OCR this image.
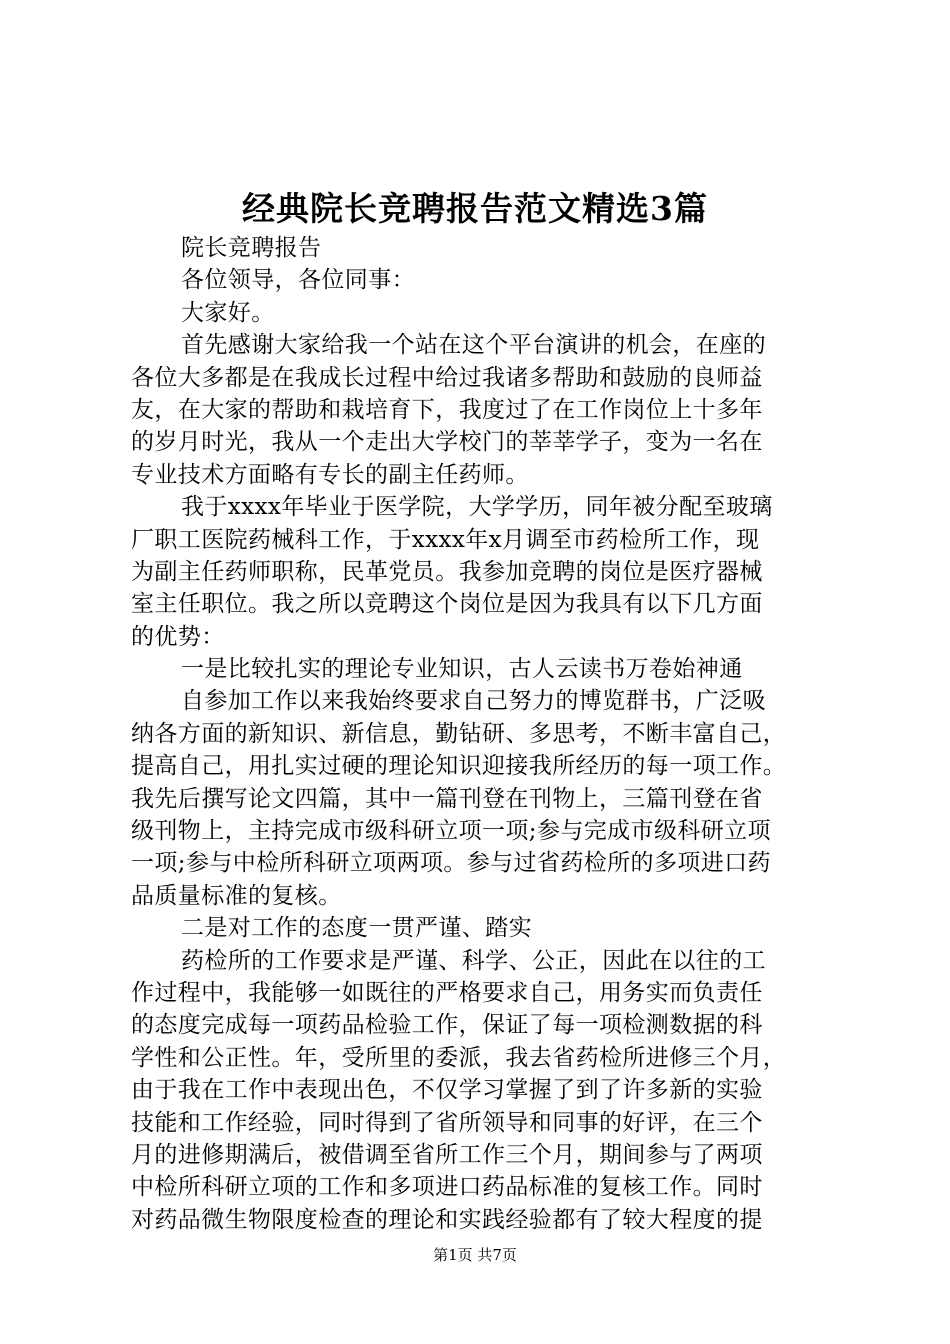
经典院长竞聘报告范文精选3篇
院长竞聘报告
各位领导，各位同事：
大家好。
首先感谢大家给我一个站在这个平台演讲的机会，在座的
各位大多都是在我成长过程中给过我诸多帮助和鼓励的良师益
友，在大家的帮助和栽培育下，我度过了在工作岗位上十多年
的岁月时光，我从一个走出大学校门的莘莘学子，变为一名在
专业技术方面略有专长的副主任药师。
我于xxxx年毕业于医学院，大学学历，同年被分配至玻璃
厂职工医院药械科工作，于xxxx年x月调至市药检所工作，现
为副主任药师职称，民革党员。我参加竞聘的岗位是医疗器械
室主任职位。我之所以竞聘这个岗位是因为我具有以下几方面
的优势：
一是比较扎实的理论专业知识，古人云读书万卷始神通
自参加工作以来我始终要求自己努力的博览群书，广泛吸
纳各方面的新知识、新信息，勤钻研、多思考，不断丰富自己，
提高自己，用扎实过硬的理论知识迎接我所经历的每一项工作。
我先后撰写论文四篇，其中一篇刊登在刊物上，三篇刊登在省
级刊物上，主持完成市级科研立项一项;参与完成市级科研立项
一项;参与中检所科研立项两项。参与过省药检所的多项进口药
品质量标准的复核。
二是对工作的态度一贯严谨、踏实
药检所的工作要求是严谨、科学、公正，因此在以往的工
作过程中，我能够一如既往的严格要求自己，用务实而负责任
的态度完成每一项药品检验工作，保证了每一项检测数据的科
学性和公正性。年，受所里的委派，我去省药检所进修三个月，
由于我在工作中表现出色，不仅学习掌握了到了许多新的实验
技能和工作经验，同时得到了省所领导和同事的好评，在三个
月的进修期满后，被借调至省所工作三个月，期间参与了两项
中检所科研立项的工作和多项进口药品标准的复核工作。同时
对药品微生物限度检查的理论和实践经验都有了较大程度的提
第1页 共7页
